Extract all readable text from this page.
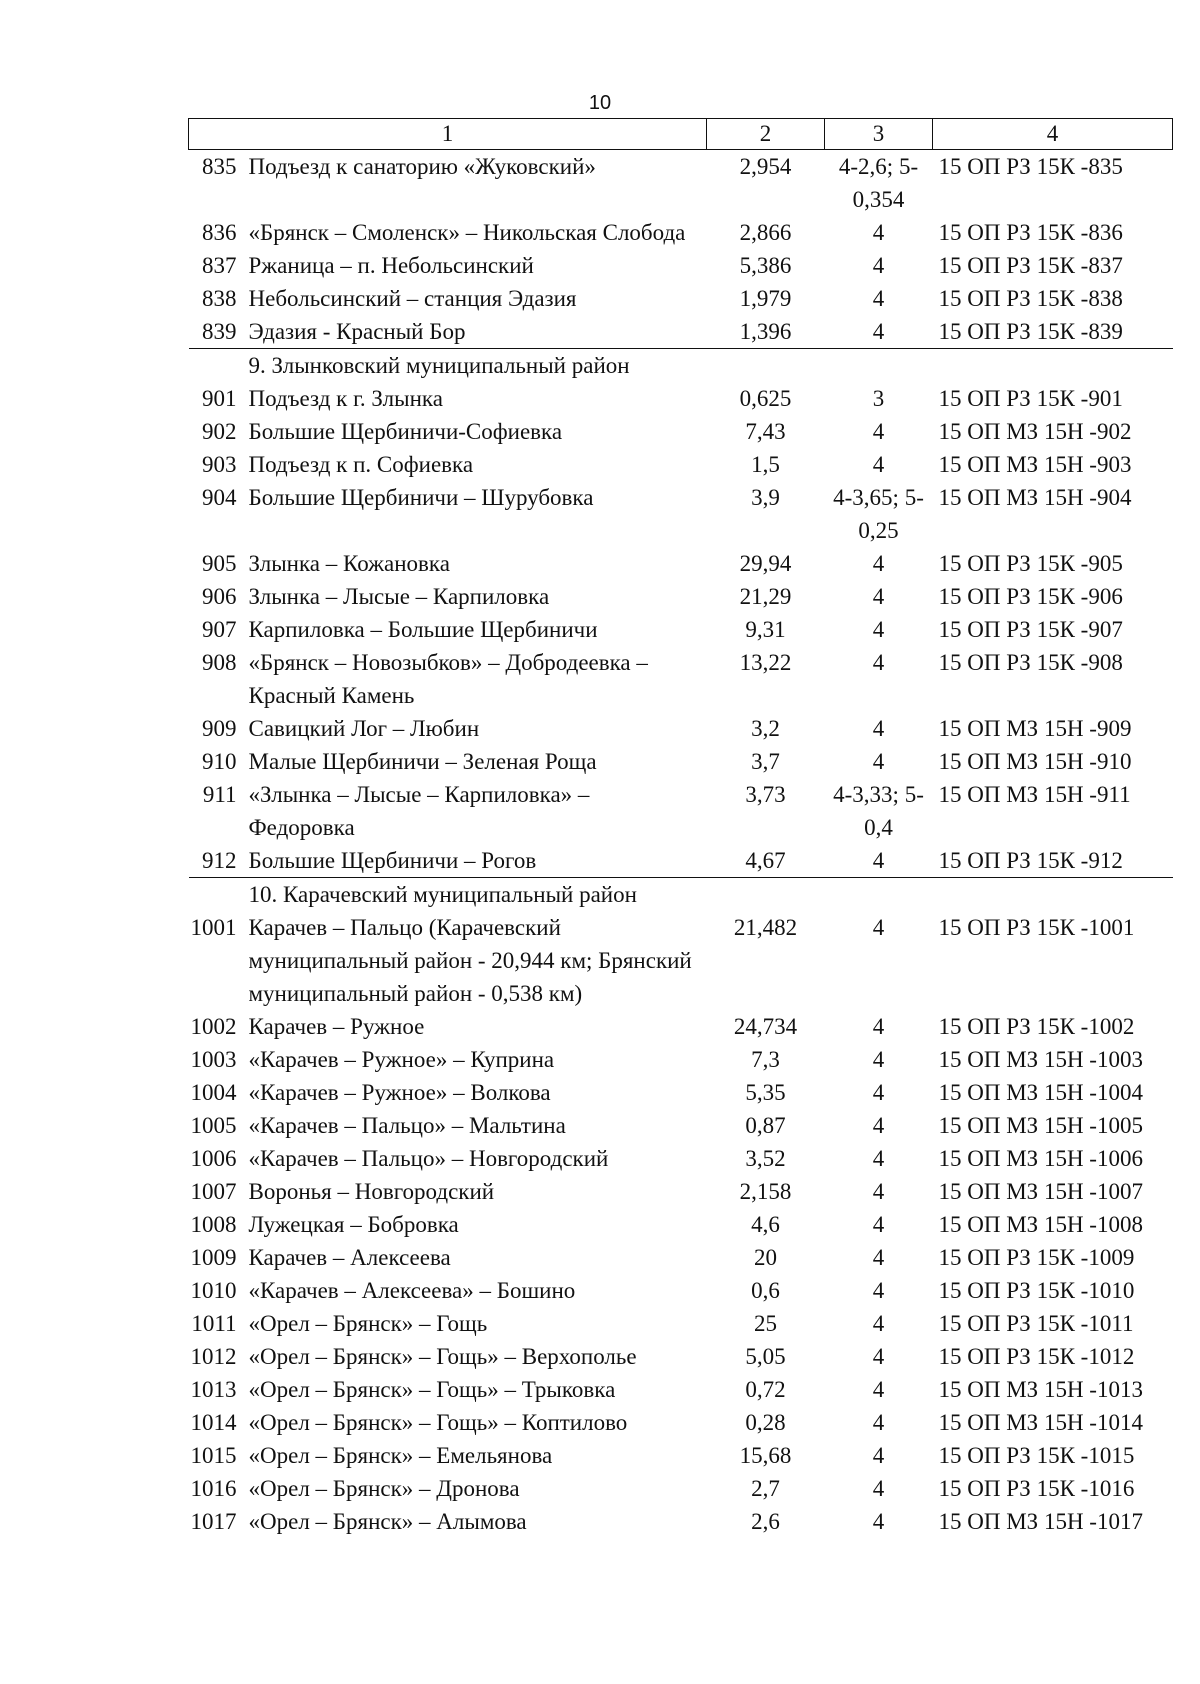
10
1		2	3	4
835	Подъезд к санаторию «Жуковский»	2,954	4-2,6; 5-0,354	15 ОП РЗ 15К -835
836	«Брянск – Смоленск» – Никольская Слобода	2,866	4	15 ОП РЗ 15К -836
837	Ржаница – п. Небольсинский	5,386	4	15 ОП РЗ 15К -837
838	Небольсинский – станция Эдазия	1,979	4	15 ОП РЗ 15К -838
839	Эдазия - Красный Бор	1,396	4	15 ОП РЗ 15К -839
9. Злынковский муниципальный район				
901	Подъезд к г. Злынка	0,625	3	15 ОП РЗ 15К -901
902	Большие Щербиничи-Софиевка	7,43	4	15 ОП МЗ 15Н -902
903	Подъезд к п. Софиевка	1,5	4	15 ОП МЗ 15Н -903
904	Большие Щербиничи – Шурубовка	3,9	4-3,65; 5-0,25	15 ОП МЗ 15Н -904
905	Злынка – Кожановка	29,94	4	15 ОП РЗ 15К -905
906	Злынка – Лысые – Карпиловка	21,29	4	15 ОП РЗ 15К -906
907	Карпиловка – Большие Щербиничи	9,31	4	15 ОП РЗ 15К -907
908	«Брянск – Новозыбков» – Добродеевка – Красный Камень	13,22	4	15 ОП РЗ 15К -908
909	Савицкий Лог – Любин	3,2	4	15 ОП МЗ 15Н -909
910	Малые Щербиничи – Зеленая Роща	3,7	4	15 ОП МЗ 15Н -910
911	«Злынка – Лысые – Карпиловка» – Федоровка	3,73	4-3,33; 5-0,4	15 ОП МЗ 15Н -911
912	Большие Щербиничи – Рогов	4,67	4	15 ОП РЗ 15К -912
10. Карачевский муниципальный район				
1001	Карачев – Пальцо (Карачевский муниципальный район - 20,944 км; Брянский муниципальный район - 0,538 км)	21,482	4	15 ОП РЗ 15К -1001
1002	Карачев – Ружное	24,734	4	15 ОП РЗ 15К -1002
1003	«Карачев – Ружное» – Куприна	7,3	4	15 ОП МЗ 15Н -1003
1004	«Карачев – Ружное» – Волкова	5,35	4	15 ОП МЗ 15Н -1004
1005	«Карачев – Пальцо» – Мальтина	0,87	4	15 ОП МЗ 15Н -1005
1006	«Карачев – Пальцо» – Новгородский	3,52	4	15 ОП МЗ 15Н -1006
1007	Воронья – Новгородский	2,158	4	15 ОП МЗ 15Н -1007
1008	Лужецкая – Бобровка	4,6	4	15 ОП МЗ 15Н -1008
1009	Карачев – Алексеева	20	4	15 ОП РЗ 15К -1009
1010	«Карачев – Алексеева» – Бошино	0,6	4	15 ОП РЗ 15К -1010
1011	«Орел – Брянск» – Гощь	25	4	15 ОП РЗ 15К -1011
1012	«Орел – Брянск» – Гощь» – Верхополье	5,05	4	15 ОП РЗ 15К -1012
1013	«Орел – Брянск» – Гощь» – Трыковка	0,72	4	15 ОП МЗ 15Н -1013
1014	«Орел – Брянск» – Гощь» – Коптилово	0,28	4	15 ОП МЗ 15Н -1014
1015	«Орел – Брянск» – Емельянова	15,68	4	15 ОП РЗ 15К -1015
1016	«Орел – Брянск» – Дронова	2,7	4	15 ОП РЗ 15К -1016
1017	«Орел – Брянск» – Алымова	2,6	4	15 ОП МЗ 15Н -1017
